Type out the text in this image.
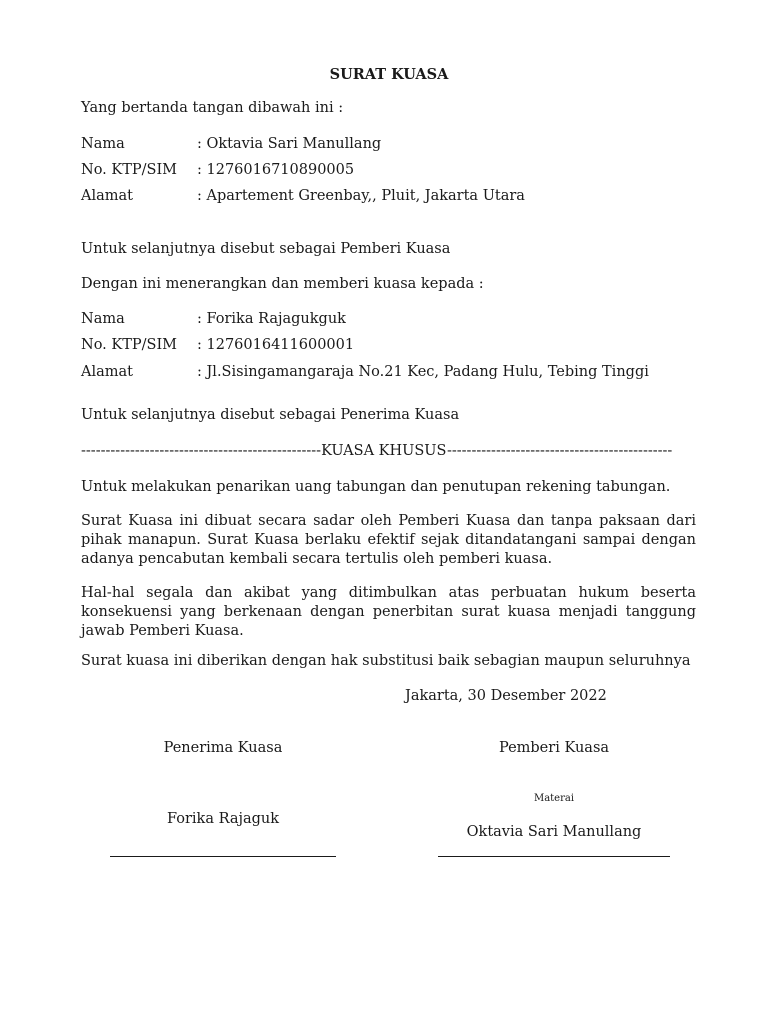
SURAT KUASA
Yang bertanda tangan dibawah ini :
Nama	: Oktavia Sari Manullang
No. KTP/SIM : 1276016710890005
Alamat	: Apartement Greenbay,, Pluit, Jakarta Utara
Untuk selanjutnya disebut sebagai Pemberi Kuasa
Dengan ini menerangkan dan memberi kuasa kepada :
Nama	: Forika Rajagukguk
No. KTP/SIM : 1276016411600001
Alamat	: Jl.Sisingamangaraja No.21 Kec, Padang Hulu, Tebing Tinggi
Untuk selanjutnya disebut sebagai Penerima Kuasa
-------------------------------------------------KUASA KHUSUS----------------------------------------------
Untuk melakukan penarikan uang tabungan dan penutupan rekening tabungan.
Surat Kuasa ini dibuat secara sadar oleh Pemberi Kuasa dan tanpa paksaan dari pihak manapun. Surat Kuasa berlaku efektif sejak ditandatangani sampai dengan adanya pencabutan kembali secara tertulis oleh pemberi kuasa.
Hal-hal segala dan akibat yang ditimbulkan atas perbuatan hukum beserta konsekuensi yang berkenaan dengan penerbitan surat kuasa menjadi tanggung jawab Pemberi Kuasa.
Surat kuasa ini diberikan dengan hak substitusi baik sebagian maupun seluruhnya
Jakarta, 30 Desember 2022
Penerima Kuasa	Pemberi Kuasa
Materai
Forika Rajaguk
Oktavia Sari Manullang
